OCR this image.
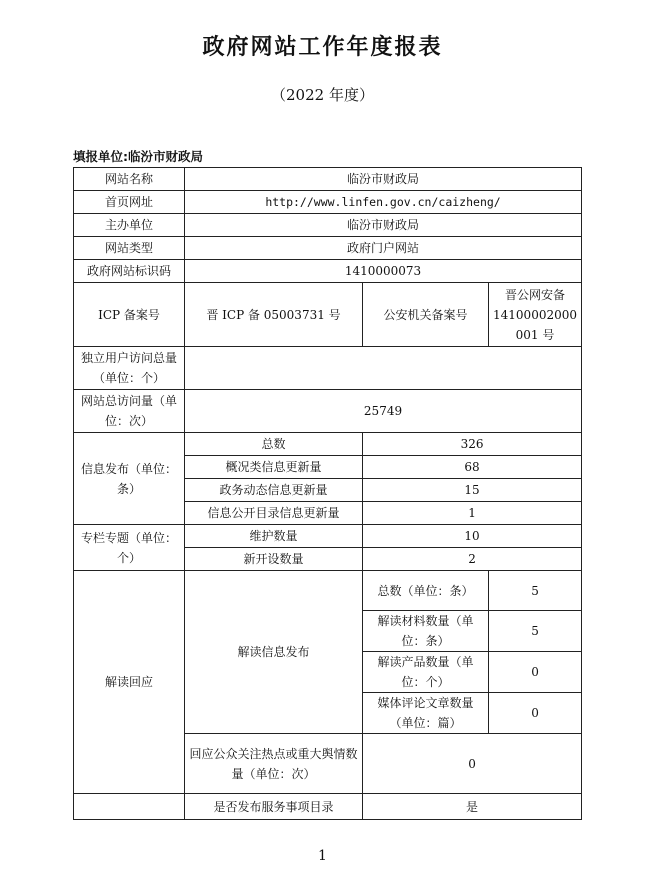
政府网站工作年度报表
（2022 年度）
填报单位:临汾市财政局
网站名称	临汾市财政局		
首页网址	http://www.linfen.gov.cn/caizheng/		
主办单位	临汾市财政局		
网站类型	政府门户网站		
政府网站标识码	1410000073		
ICP 备案号	晋 ICP 备 05003731 号	公安机关备案号	晋公网安备 14100002000 001 号
独立用户访问总量（单位：个）			
网站总访问量（单位：次）	25749		
信息发布（单位：条）	总数	326	
	概况类信息更新量	68	
	政务动态信息更新量	15	
	信息公开目录信息更新量	1	
专栏专题（单位：个）	维护数量	10	
	新开设数量	2	
解读回应	解读信息发布	总数（单位：条）	5
		解读材料数量（单位：条）	5
		解读产品数量（单位：个）	0
		媒体评论文章数量（单位：篇）	0
	回应公众关注热点或重大舆情数量（单位：次）	0	
	是否发布服务事项目录	是	
1
